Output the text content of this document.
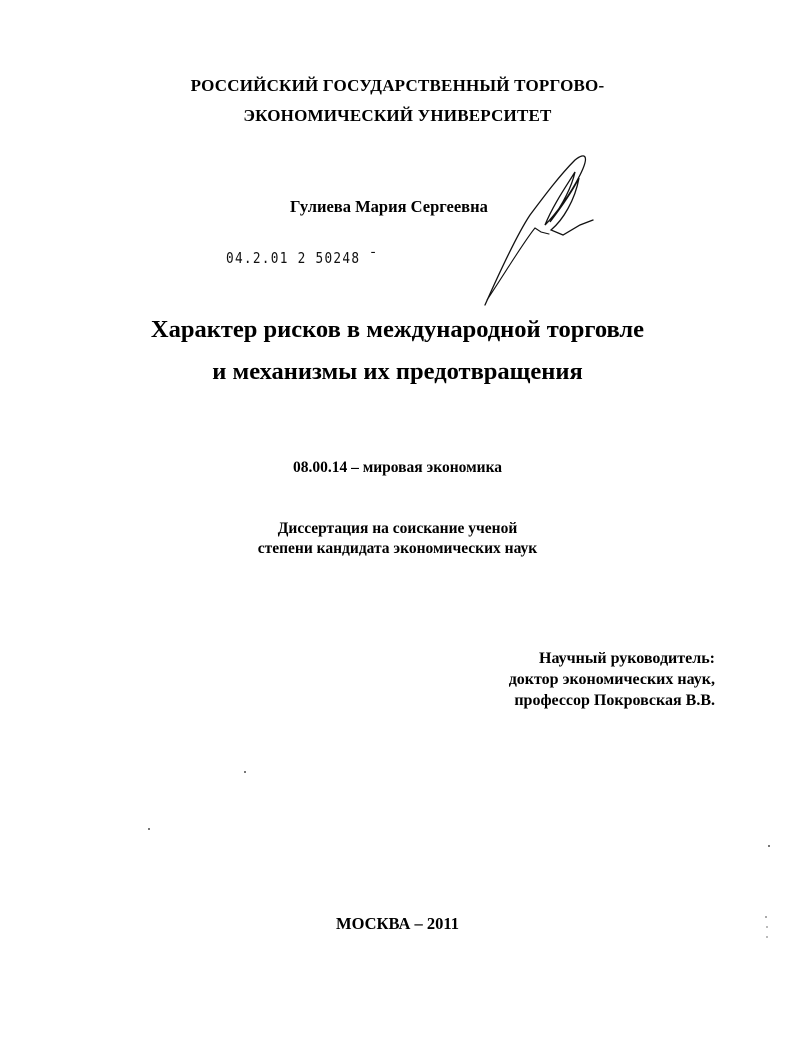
РОССИЙСКИЙ ГОСУДАРСТВЕННЫЙ ТОРГОВО-
ЭКОНОМИЧЕСКИЙ УНИВЕРСИТЕТ
Гулиева Мария Сергеевна
04.2.01 2 50248 ˉ
Характер рисков в международной торговле
и механизмы их предотвращения
08.00.14 – мировая экономика
Диссертация на соискание ученой
степени кандидата экономических наук
Научный руководитель:
доктор экономических наук,
профессор Покровская В.В.
МОСКВА – 2011
